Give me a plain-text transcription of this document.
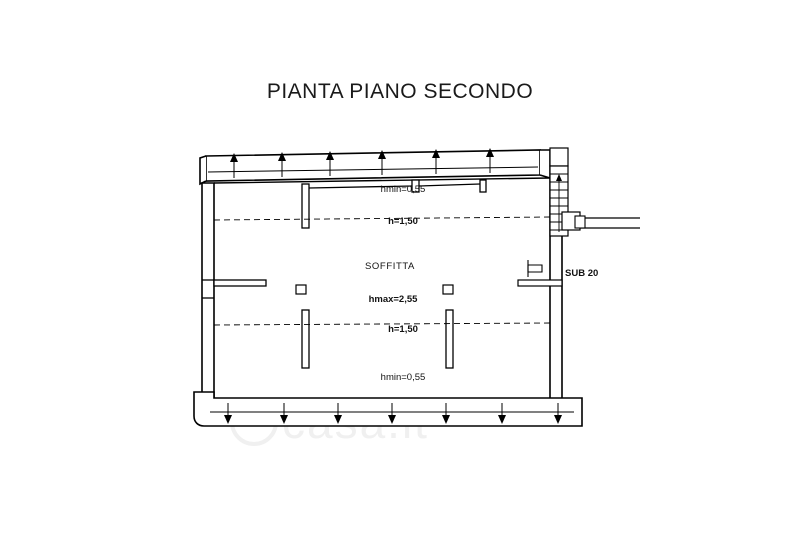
PIANTA PIANO SECONDO
hmin=0,55
h=1,50
SOFFITTA
hmax=2,55
h=1,50
hmin=0,55
SUB 20
